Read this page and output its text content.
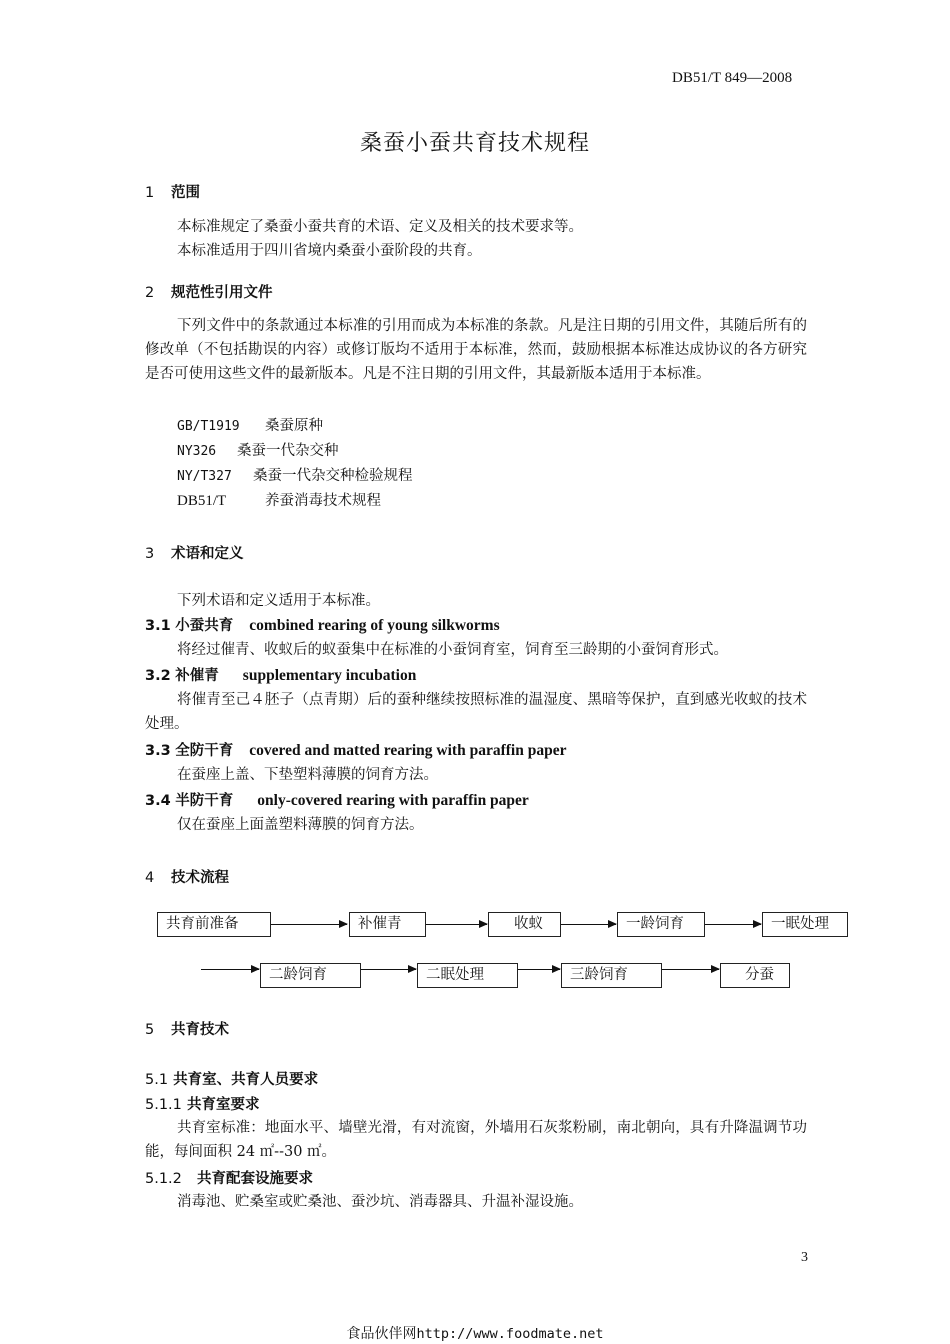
DB51/T 849—2008
桑蚕小蚕共育技术规程
1 范围
本标准规定了桑蚕小蚕共育的术语、定义及相关的技术要求等。
本标准适用于四川省境内桑蚕小蚕阶段的共育。
2 规范性引用文件
下列文件中的条款通过本标准的引用而成为本标准的条款。凡是注日期的引用文件，其随后所有的修改单（不包括勘误的内容）或修订版均不适用于本标准，然而，鼓励根据本标准达成协议的各方研究是否可使用这些文件的最新版本。凡是不注日期的引用文件，其最新版本适用于本标准。
GB/T1919 桑蚕原种
NY326 桑蚕一代杂交种
NY/T327 桑蚕一代杂交种检验规程
DB51/T	养蚕消毒技术规程
3 术语和定义
下列术语和定义适用于本标准。
3.1 小蚕共育 combined rearing of young silkworms
将经过催青、收蚁后的蚁蚕集中在标准的小蚕饲育室，饲育至三龄期的小蚕饲育形式。
3.2 补催青 supplementary incubation
将催青至己４胚子（点青期）后的蚕种继续按照标准的温湿度、黑暗等保护，直到感光收蚁的技术处理。
3.3 全防干育 covered and matted rearing with paraffin paper
在蚕座上盖、下垫塑料薄膜的饲育方法。
3.4 半防干育 only-covered rearing with paraffin paper
仅在蚕座上面盖塑料薄膜的饲育方法。
4 技术流程
共育前准备	补催青	收蚁	一龄饲育	一眠处理
二龄饲育	二眠处理	三龄饲育	分蚕
5 共育技术
5.1 共育室、共育人员要求
5.1.1 共育室要求
共育室标准：地面水平、墙壁光滑，有对流窗，外墙用石灰浆粉刷，南北朝向，具有升降温调节功能，每间面积 24 ㎡--30 ㎡。
5.1.2 共育配套设施要求
消毒池、贮桑室或贮桑池、蚕沙坑、消毒器具、升温补湿设施。
3
食品伙伴网http://www.foodmate.net
